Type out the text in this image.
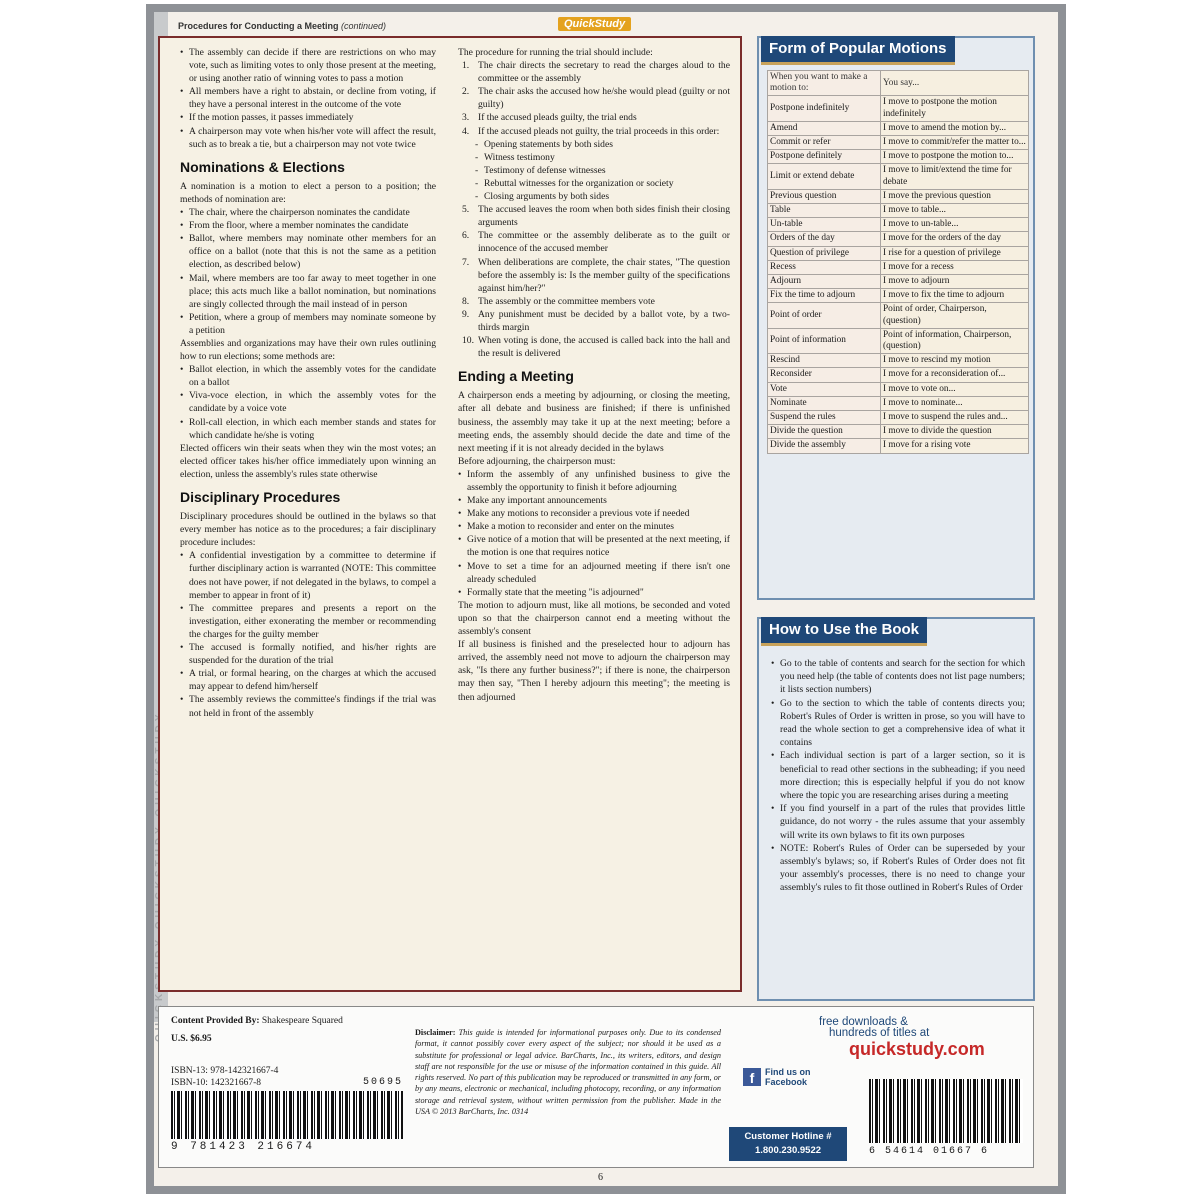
Procedures for Conducting a Meeting (continued)	QuickStudy
• The assembly can decide if there are restrictions on who may vote, such as limiting votes to only those present at the meeting, or using another ratio of winning votes to pass a motion
• All members have a right to abstain, or decline from voting, if they have a personal interest in the outcome of the vote
• If the motion passes, it passes immediately
• A chairperson may vote when his/her vote will affect the result, such as to break a tie, but a chairperson may not vote twice
Nominations & Elections

A nomination is a motion to elect a person to a position; the methods of nomination are:

• The chair, where the chairperson nominates the candidate
• From the floor, where a member nominates the candidate
• Ballot, where members may nominate other members for an office on a ballot (note that this is not the same as a petition election, as described below)
• Mail, where members are too far away to meet together in one place; this acts much like a ballot nomination, but nominations are singly collected through the mail instead of in person
• Petition, where a group of members may nominate someone by a petition

Assemblies and organizations may have their own rules outlining how to run elections; some methods are:

• Ballot election, in which the assembly votes for the candidate on a ballot
• Viva-voce election, in which the assembly votes for the candidate by a voice vote
• Roll-call election, in which each member stands and states for which candidate he/she is voting

Elected officers win their seats when they win the most votes; an elected officer takes his/her office immediately upon winning an election, unless the assembly's rules state otherwise

Disciplinary Procedures

Disciplinary procedures should be outlined in the bylaws so that every member has notice as to the procedures; a fair disciplinary procedure includes:

• A confidential investigation by a committee to determine if further disciplinary action is warranted (NOTE: This committee does not have power, if not delegated in the bylaws, to compel a member to appear in front of it)
• The committee prepares and presents a report on the investigation, either exonerating the member or recommending the charges for the guilty member
• The accused is formally notified, and his/her rights are suspended for the duration of the trial
• A trial, or formal hearing, on the charges at which the accused may appear to defend him/herself
• The assembly reviews the committee's findings if the trial was not held in front of the assembly

The procedure for running the trial should include:

1. The chair directs the secretary to read the charges aloud to the committee or the assembly
2. The chair asks the accused how he/she would plead (guilty or not guilty)
3. If the accused pleads guilty, the trial ends
4. If the accused pleads not guilty, the trial proceeds in this order:
- Opening statements by both sides
- Witness testimony
- Testimony of defense witnesses
- Rebuttal witnesses for the organization or society
- Closing arguments by both sides
5. The accused leaves the room when both sides finish their closing arguments
6. The committee or the assembly deliberate as to the guilt or innocence of the accused member
7. When deliberations are complete, the chair states, "The question before the assembly is: Is the member guilty of the specifications against him/her?"
8. The assembly or the committee members vote
9. Any punishment must be decided by a ballot vote, by a two-thirds margin
10. When voting is done, the accused is called back into the hall and the result is delivered
Ending a Meeting

A chairperson ends a meeting by adjourning, or closing the meeting, after all debate and business are finished; if there is unfinished business, the assembly may take it up at the next meeting; before a meeting ends, the assembly should decide the date and time of the next meeting if it is not already decided in the bylaws

Before adjourning, the chairperson must:

• Inform the assembly of any unfinished business to give the assembly the opportunity to finish it before adjourning
• Make any important announcements
• Make any motions to reconsider a previous vote if needed
• Make a motion to reconsider and enter on the minutes
• Give notice of a motion that will be presented at the next meeting, if the motion is one that requires notice
• Move to set a time for an adjourned meeting if there isn't one already scheduled
• Formally state that the meeting "is adjourned"

The motion to adjourn must, like all motions, be seconded and voted upon so that the chairperson cannot end a meeting without the assembly's consent

If all business is finished and the preselected hour to adjourn has arrived, the assembly need not move to adjourn the chairperson may ask, "Is there any further business?"; if there is none, the chairperson may then say, "Then I hereby adjourn this meeting"; the meeting is then adjourned

Form of Popular Motions
When you want to make a motion to:	You say...
Postpone indefinitely	I move to postpone the motion indefinitely
Amend	I move to amend the motion by...
Commit or refer	I move to commit/refer the matter to...
Postpone definitely	I move to postpone the motion to...
Limit or extend debate	I move to limit/extend the time for debate
Previous question	I move the previous question
Table	I move to table...
Un-table	I move to un-table...
Orders of the day	I move for the orders of the day
Question of privilege	I rise for a question of privilege
Recess	I move for a recess
Adjourn	I move to adjourn
Fix the time to adjourn	I move to fix the time to adjourn
Point of order	Point of order, Chairperson, (question)
Point of information	Point of information, Chairperson, (question)
Rescind	I move to rescind my motion
Reconsider	I move for a reconsideration of...
Vote	I move to vote on...
Nominate	I move to nominate...
Suspend the rules	I move to suspend the rules and...
Divide the question	I move to divide the question
Divide the assembly	I move for a rising vote
How to Use the Book
• Go to the table of contents and search for the section for which you need help (the table of contents does not list page numbers; it lists section numbers)
• Go to the section to which the table of contents directs you; Robert's Rules of Order is written in prose, so you will have to read the whole section to get a comprehensive idea of what it contains
• Each individual section is part of a larger section, so it is beneficial to read other sections in the subheading; if you need more direction; this is especially helpful if you do not know where the topic you are researching arises during a meeting
• If you find yourself in a part of the rules that provides little guidance, do not worry - the rules assume that your assembly will write its own bylaws to fit its own purposes
• NOTE: Robert's Rules of Order can be superseded by your assembly's bylaws; so, if Robert's Rules of Order does not fit your assembly's processes, there is no need to change your assembly's rules to fit those outlined in Robert's Rules of Order
Content Provided By: Shakespeare Squared
U.S. $6.95
ISBN-13: 978-142321667-4
ISBN-10: 142321667-8	50695
9 781423 216674
Disclaimer: This guide is intended for informational purposes only. Due to its condensed format, it cannot possibly cover every aspect of the subject; nor should it be used as a substitute for professional or legal advice. BarCharts, Inc., its writers, editors, and design staff are not responsible for the use or misuse of the information contained in this guide. All rights reserved. No part of this publication may be reproduced or transmitted in any form, or by any means, electronic or mechanical, including photocopy, recording, or any information storage and retrieval system, without written permission from the publisher. Made in the USA © 2013 BarCharts, Inc. 0314
f	Find us on
Facebook
Customer Hotline #
1.800.230.9522
free downloads &
hundreds of titles at
quickstudy.com
6 54614 01667 6
6
